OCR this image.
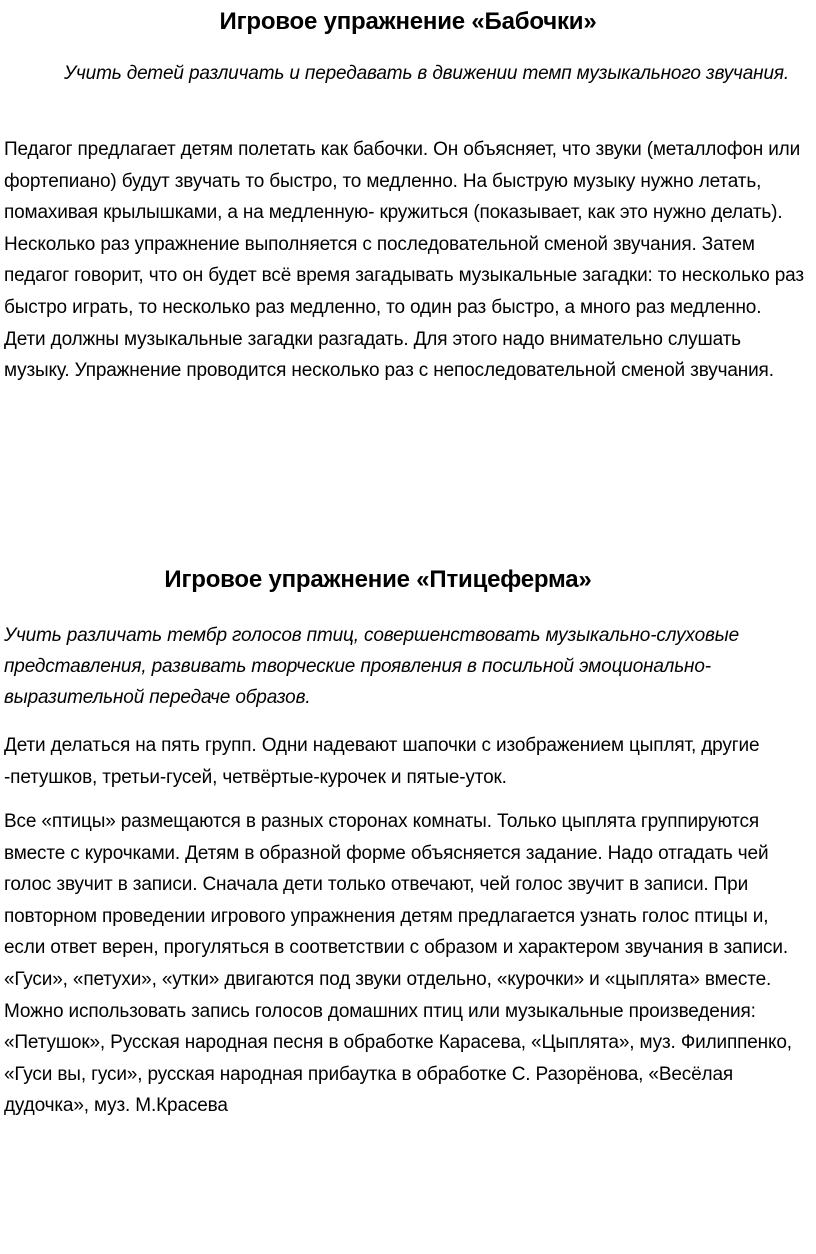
Игровое упражнение «Бабочки»

Учить детей различать и передавать в движении темп музыкального звучания.

Педагог предлагает детям полетать как бабочки. Он объясняет, что звуки (металлофон или фортепиано) будут звучать то быстро, то медленно. На быструю музыку нужно летать, помахивая крылышками, а на медленную- кружиться (показывает, как это нужно делать). Несколько раз упражнение выполняется с последовательной сменой звучания. Затем педагог говорит, что он будет всё время загадывать музыкальные загадки: то несколько раз быстро играть, то несколько раз медленно, то один раз быстро, а много раз медленно. Дети должны музыкальные загадки разгадать. Для этого надо внимательно слушать музыку. Упражнение проводится несколько раз с непоследовательной сменой звучания.

Игровое упражнение «Птицеферма»

Учить различать тембр голосов птиц, совершенствовать музыкально-слуховые представления, развивать творческие проявления в посильной эмоционально-выразительной передаче образов.

Дети делаться на пять групп. Одни надевают шапочки с изображением цыплят, другие -петушков, третьи-гусей, четвёртые-курочек и пятые-уток.

Все «птицы» размещаются в разных сторонах комнаты. Только цыплята группируются вместе с курочками. Детям в образной форме объясняется задание. Надо отгадать чей голос звучит в записи. Сначала дети только отвечают, чей голос звучит в записи. При повторном проведении игрового упражнения детям предлагается узнать голос птицы и, если ответ верен, прогуляться в соответствии с образом и характером звучания в записи. «Гуси», «петухи», «утки» двигаются под звуки отдельно, «курочки» и «цыплята» вместе. Можно использовать запись голосов домашних птиц или музыкальные произведения: «Петушок», Русская народная песня в обработке Карасева, «Цыплята», муз. Филиппенко, «Гуси вы, гуси», русская народная прибаутка в обработке С. Разорёнова, «Весёлая дудочка», муз. М.Красева
